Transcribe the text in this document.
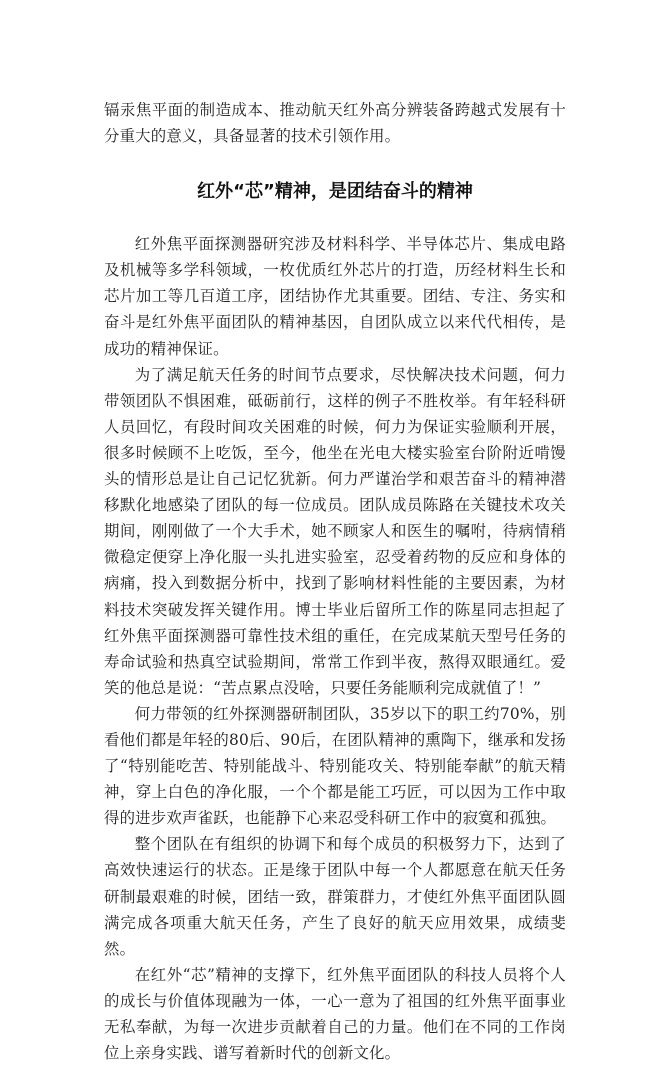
镉汞焦平面的制造成本、推动航天红外高分辨装备跨越式发展有十分重大的意义，具备显著的技术引领作用。

红外“芯”精神，是团结奋斗的精神

红外焦平面探测器研究涉及材料科学、半导体芯片、集成电路及机械等多学科领域，一枚优质红外芯片的打造，历经材料生长和芯片加工等几百道工序，团结协作尤其重要。团结、专注、务实和奋斗是红外焦平面团队的精神基因，自团队成立以来代代相传，是成功的精神保证。

为了满足航天任务的时间节点要求，尽快解决技术问题，何力带领团队不惧困难，砥砺前行，这样的例子不胜枚举。有年轻科研人员回忆，有段时间攻关困难的时候，何力为保证实验顺利开展，很多时候顾不上吃饭，至今，他坐在光电大楼实验室台阶附近啃馒头的情形总是让自己记忆犹新。何力严谨治学和艰苦奋斗的精神潜移默化地感染了团队的每一位成员。团队成员陈路在关键技术攻关期间，刚刚做了一个大手术，她不顾家人和医生的嘱咐，待病情稍微稳定便穿上净化服一头扎进实验室，忍受着药物的反应和身体的病痛，投入到数据分析中，找到了影响材料性能的主要因素，为材料技术突破发挥关键作用。博士毕业后留所工作的陈星同志担起了红外焦平面探测器可靠性技术组的重任，在完成某航天型号任务的寿命试验和热真空试验期间，常常工作到半夜，熬得双眼通红。爱笑的他总是说：“苦点累点没啥，只要任务能顺利完成就值了！”

何力带领的红外探测器研制团队，35岁以下的职工约70%，别看他们都是年轻的80后、90后，在团队精神的熏陶下，继承和发扬了“特别能吃苦、特别能战斗、特别能攻关、特别能奉献”的航天精神，穿上白色的净化服，一个个都是能工巧匠，可以因为工作中取得的进步欢声雀跃，也能静下心来忍受科研工作中的寂寞和孤独。

整个团队在有组织的协调下和每个成员的积极努力下，达到了高效快速运行的状态。正是缘于团队中每一个人都愿意在航天任务研制最艰难的时候，团结一致，群策群力，才使红外焦平面团队圆满完成各项重大航天任务，产生了良好的航天应用效果，成绩斐然。

在红外“芯”精神的支撑下，红外焦平面团队的科技人员将个人的成长与价值体现融为一体，一心一意为了祖国的红外焦平面事业无私奉献，为每一次进步贡献着自己的力量。他们在不同的工作岗位上亲身实践、谱写着新时代的创新文化。
